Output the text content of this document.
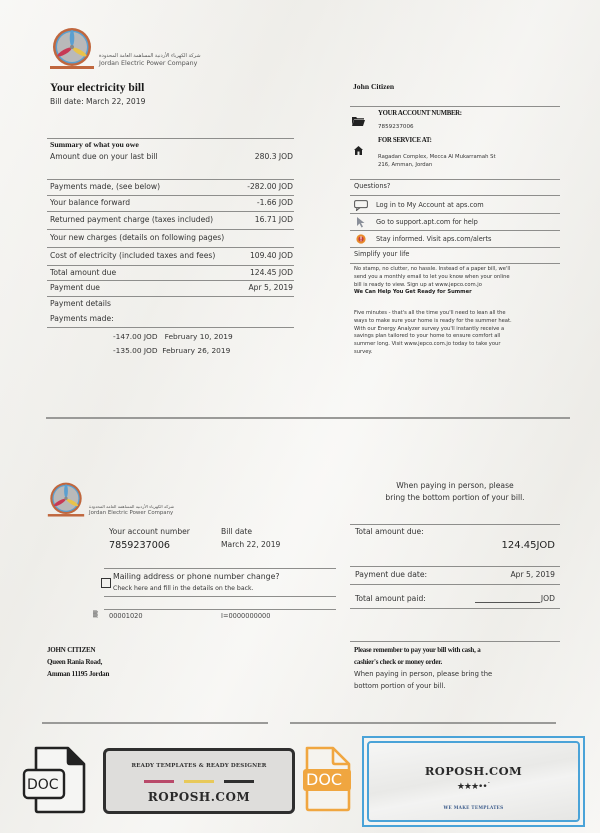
شركة الكهرباء الأردنية المساهمة العامة المحدودة
Jordan Electric Power Company
Your electricity bill
Bill date: March 22, 2019
Summary of what you owe
Amount due on your last bill	280.3 JOD
Payments made, (see below)	-282.00 JOD
Your balance forward	-1.66 JOD
Returned payment charge (taxes included)	16.71 JOD
Your new charges (details on following pages)
Cost of electricity (included taxes and fees)	109.40 JOD
Total amount due	124.45 JOD
Payment due	Apr 5, 2019
Payment details
Payments made:
-147.00 JOD February 10, 2019
-135.00 JOD February 26, 2019
John Citizen
YOUR ACCOUNT NUMBER:
7859237006
FOR SERVICE AT:
Ragadan Complex, Mecca Al Mukarramah St
216, Amman, Jordan
Questions?
Log in to My Account at aps.com
Go to support.apt.com for help
Stay informed. Visit aps.com/alerts
Simplify your life
No stamp, no clutter, no hassle. Instead of a paper bill, we'll
send you a monthly email to let you know when your online
bill is ready to view. Sign up at www.jepco.com.jo
We Can Help You Get Ready for Summer
Five minutes - that's all the time you'll need to lean all the
ways to make sure your home is ready for the summer heat.
With our Energy Analyzer survey you'll instantly receive a
savings plan tailored to your home to ensure comfort all
summer long. Visit www.jepco.com.jo today to take your
survey.
شركة الكهرباء الأردنية المساهمة العامة المحدودة
Jordan Electric Power Company
Your account number
7859237006
Bill date
March 22, 2019
Mailing address or phone number change?
Check here and fill in the details on the back.
▒ 00001020	I=0000000000
JOHN CITIZEN
Queen Rania Road,
Amman 11195 Jordan
When paying in person, please
bring the bottom portion of your bill.
Total amount due:
124.45JOD
Payment due date:	Apr 5, 2019
Total amount paid:	JOD
Please remember to pay your bill with cash, a
cashier's check or money order.
When paying in person, please bring the
bottom portion of your bill.
DOC
READY TEMPLATES & READY DESIGNER
ROPOSH.COM
DOC	ROPOSH.COM
★★★••˙
WE MAKE TEMPLATES
